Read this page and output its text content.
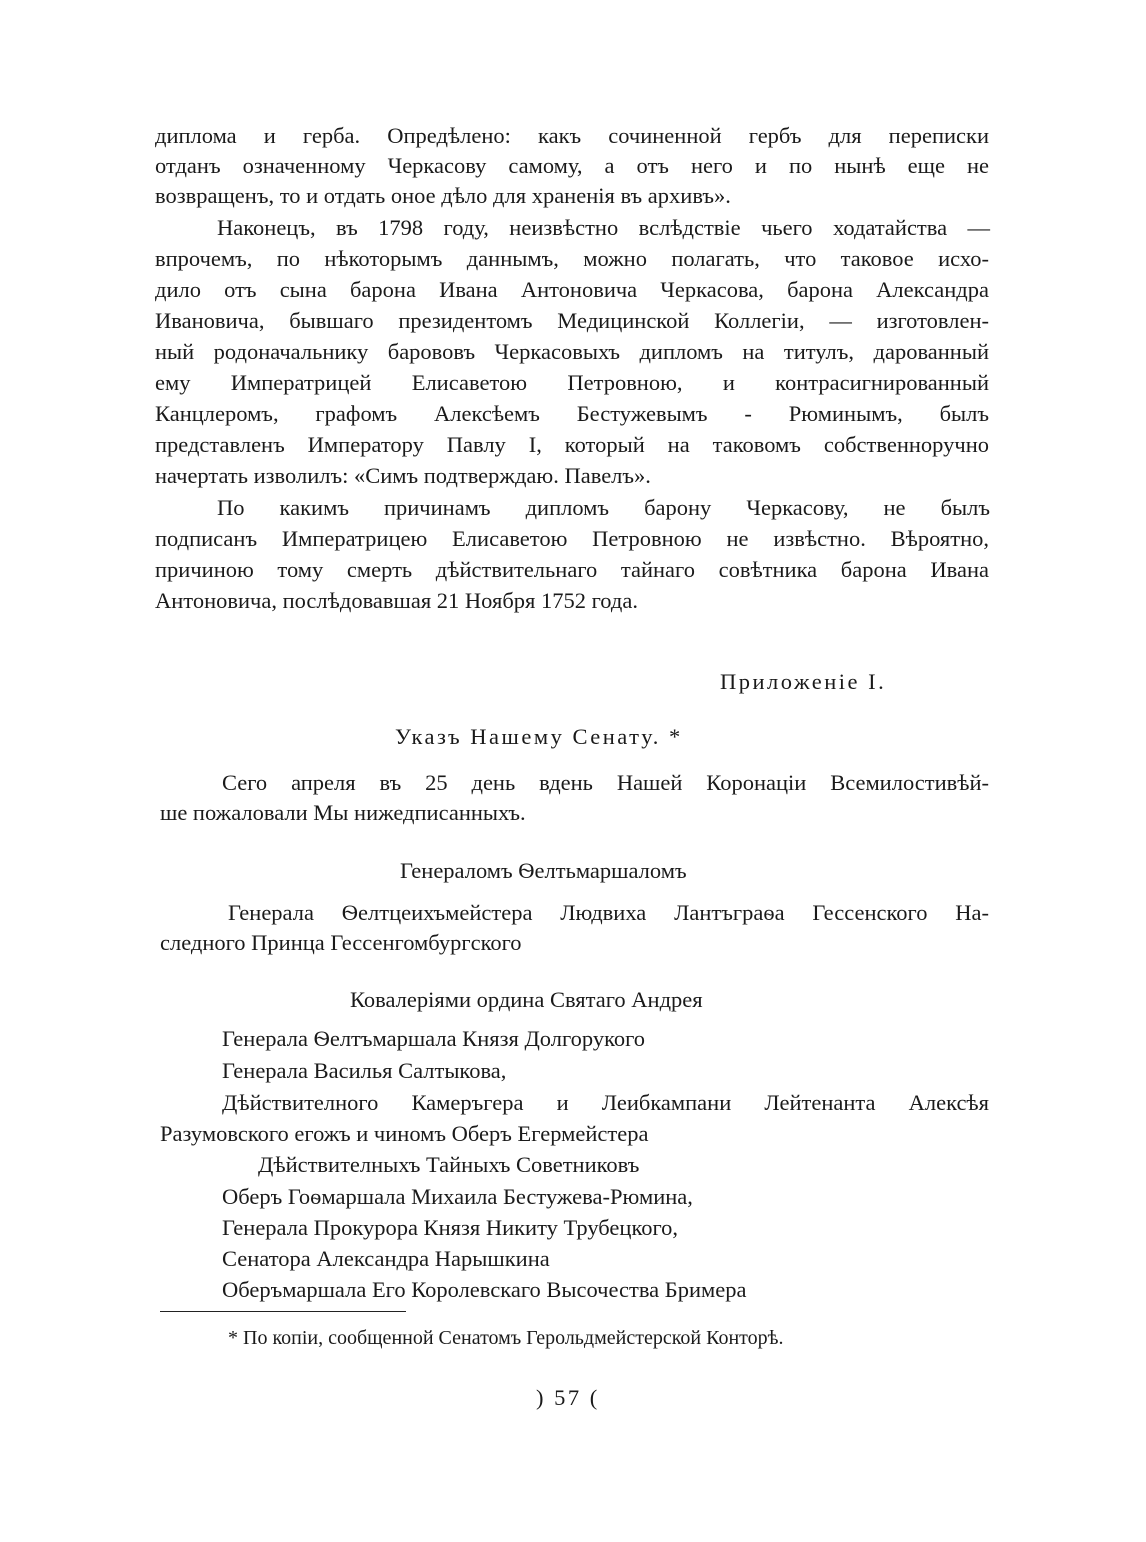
диплома и герба. Опредѣлено: какъ сочиненной гербъ для переписки
отданъ означенному Черкасову самому, а отъ него и по нынѣ еще не
возвращенъ, то и отдать оное дѣло для храненія въ архивъ».
Наконецъ, въ 1798 году, неизвѣстно вслѣдствіе чьего ходатайства —
впрочемъ, по нѣкоторымъ даннымъ, можно полагать, что таковое исхо-
дило отъ сына барона Ивана Антоновича Черкасова, барона Александра
Ивановича, бывшаго президентомъ Медицинской Коллегіи, — изготовлен-
ный родоначальнику барововъ Черкасовыхъ дипломъ на титулъ, дарованный
ему Императрицей Елисаветою Петровною, и контрасигнированный
Канцлеромъ, графомъ Алексѣемъ Бестужевымъ - Рюминымъ, былъ
представленъ Императору Павлу I, который на таковомъ собственноручно
начертать изволилъ: «Симъ подтверждаю. Павелъ».
По какимъ причинамъ дипломъ барону Черкасову, не былъ
подписанъ Императрицею Елисаветою Петровною не извѣстно. Вѣроятно,
причиною тому смерть дѣйствительнаго тайнаго совѣтника барона Ивана
Антоновича, послѣдовавшая 21 Ноября 1752 года.
Приложеніе I.
Указъ Нашему Сенату. *
Сего апреля въ 25 день вдень Нашей Коронаціи Всемилостивѣй-
ше пожаловали Мы нижедписанныхъ.
Генераломъ Ѳелтьмаршаломъ
Генерала Ѳелтцеихъмейстера Людвиха Лантъграѳа Гессенского На-
следного Принца Гессенгомбургского
Ковалеріями ордина Святаго Андрея
Генерала Ѳелтъмаршала Князя Долгорукого
Генерала Василья Салтыкова,
Дѣйствителного Камеръгера и Леибкампани Лейтенанта Алексѣя
Разумовского егожъ и чиномъ Оберъ Егермейстера
Дѣйствителныхъ Тайныхъ Советниковъ
Оберъ Гоѳмаршала Михаила Бестужева-Рюмина,
Генерала Прокурора Князя Никиту Трубецкого,
Сенатора Александра Нарышкина
Оберъмаршала Его Королевскаго Высочества Бримера
* По копіи, сообщенной Сенатомъ Герольдмейстерской Конторѣ.
) 57 (
